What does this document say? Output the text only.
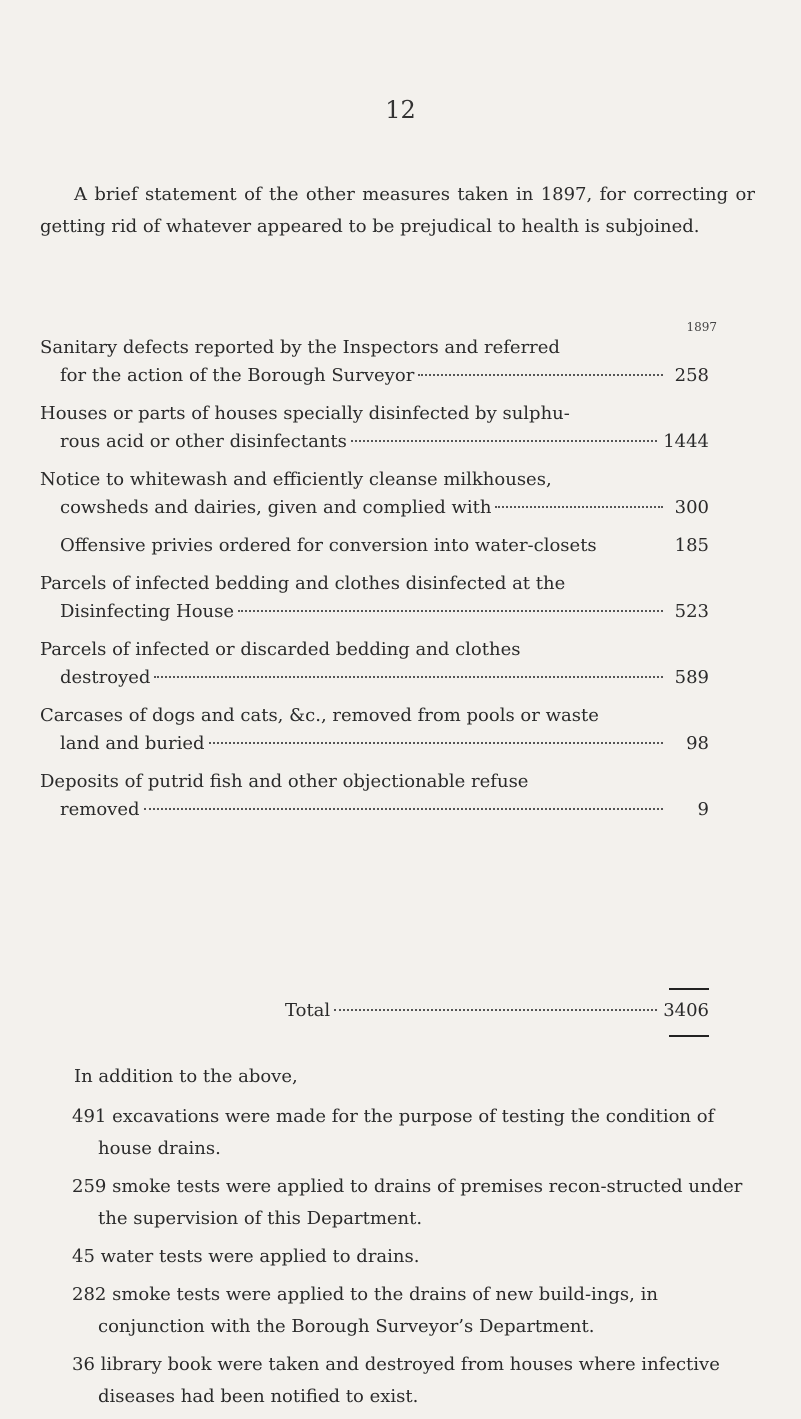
12
A brief statement of the other measures taken in 1897, for correcting or getting rid of whatever appeared to be prejudical to health is subjoined.
1897
Sanitary defects reported by the Inspectors and referred
for the action of the Borough Surveyor	258
Houses or parts of houses specially disinfected by sulphu-
rous acid or other disinfectants	1444
Notice to whitewash and efficiently cleanse milkhouses,
cowsheds and dairies, given and complied with	300
Offensive privies ordered for conversion into water-closets	185
Parcels of infected bedding and clothes disinfected at the
Disinfecting House	523
Parcels of infected or discarded bedding and clothes
destroyed	589
Carcases of dogs and cats, &c., removed from pools or waste
land and buried	98
Deposits of putrid fish and other objectionable refuse
removed	9
Total	3406
In addition to the above,
491 excavations were made for the purpose of testing the condition of house drains.
259 smoke tests were applied to drains of premises recon-structed under the supervision of this Department.
45 water tests were applied to drains.
282 smoke tests were applied to the drains of new build-ings, in conjunction with the Borough Surveyor’s Department.
36 library book were taken and destroyed from houses where infective diseases had been notified to exist.
